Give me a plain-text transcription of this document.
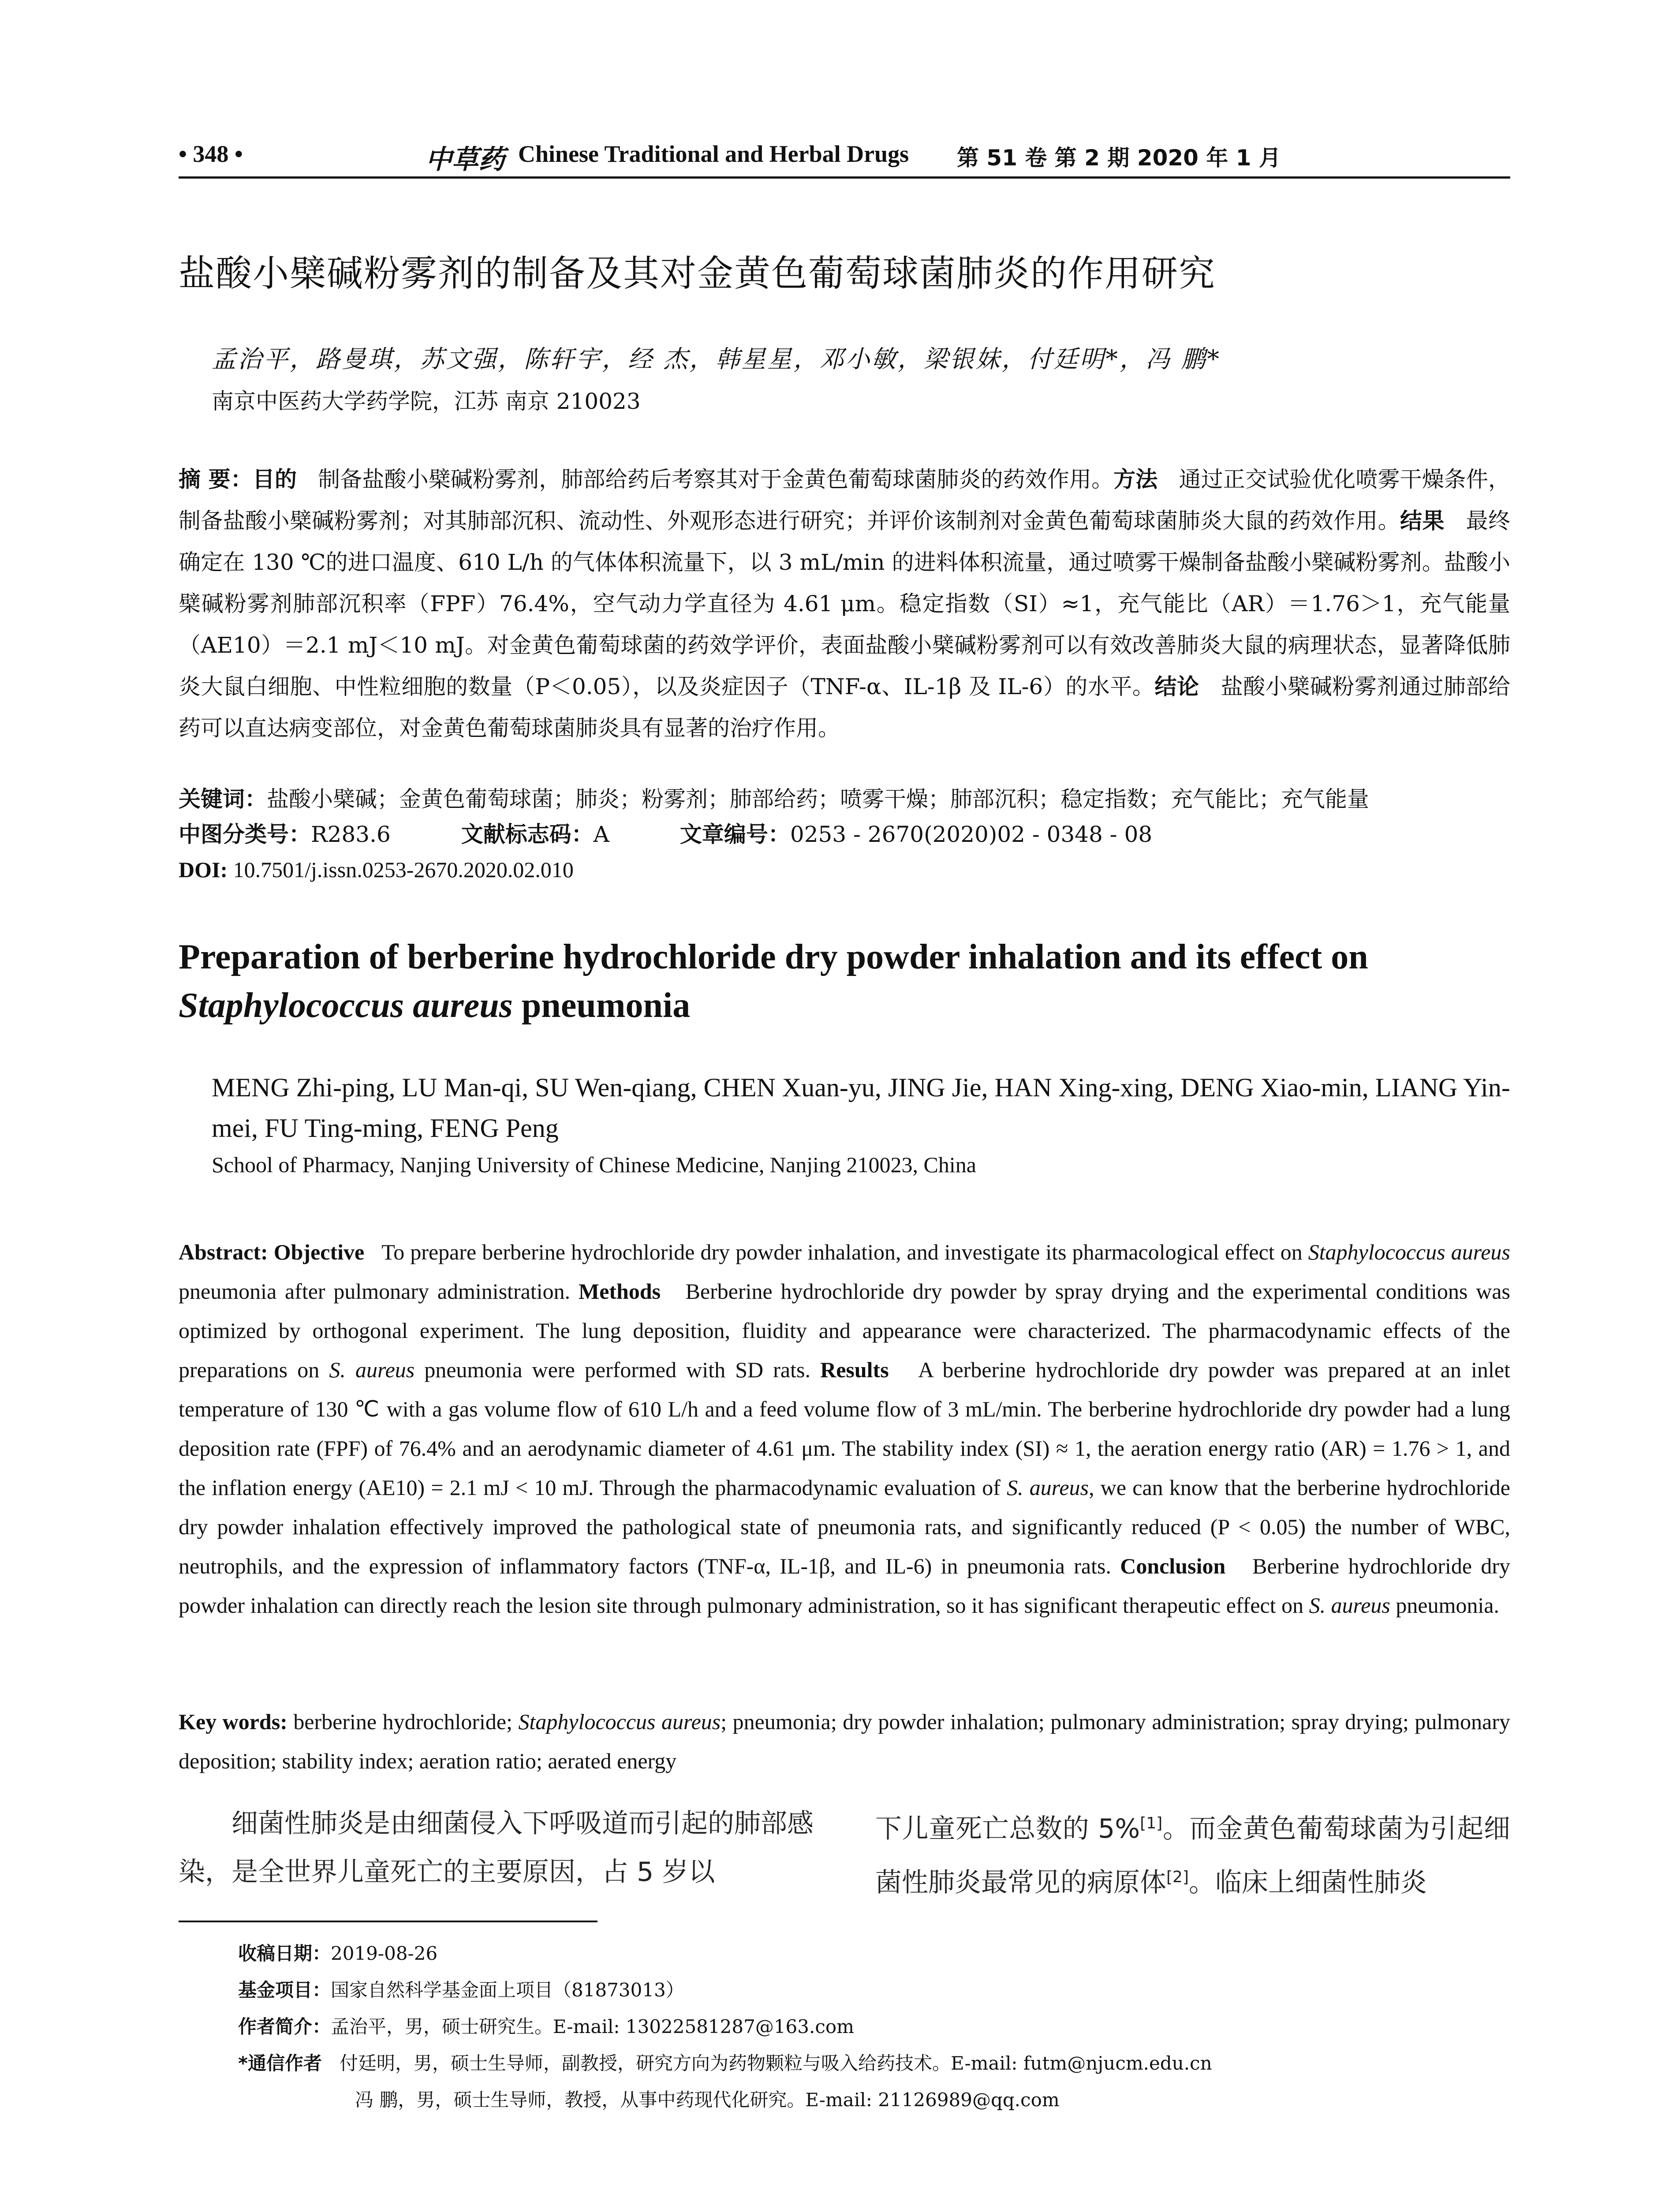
• 348 •	中草药 Chinese Traditional and Herbal Drugs 第 51 卷 第 2 期 2020 年 1 月
盐酸小檗碱粉雾剂的制备及其对金黄色葡萄球菌肺炎的作用研究
孟治平，路曼琪，苏文强，陈轩宇，经 杰，韩星星，邓小敏，梁银妹，付廷明*，冯 鹏*
南京中医药大学药学院，江苏 南京 210023
摘 要：目的 制备盐酸小檗碱粉雾剂，肺部给药后考察其对于金黄色葡萄球菌肺炎的药效作用。方法 通过正交试验优化喷雾干燥条件，制备盐酸小檗碱粉雾剂；对其肺部沉积、流动性、外观形态进行研究；并评价该制剂对金黄色葡萄球菌肺炎大鼠的药效作用。结果 最终确定在 130 ℃的进口温度、610 L/h 的气体体积流量下，以 3 mL/min 的进料体积流量，通过喷雾干燥制备盐酸小檗碱粉雾剂。盐酸小檗碱粉雾剂肺部沉积率（FPF）76.4%，空气动力学直径为 4.61 μm。稳定指数（SI）≈1，充气能比（AR）＝1.76＞1，充气能量（AE10）＝2.1 mJ＜10 mJ。对金黄色葡萄球菌的药效学评价，表面盐酸小檗碱粉雾剂可以有效改善肺炎大鼠的病理状态，显著降低肺炎大鼠白细胞、中性粒细胞的数量（P＜0.05），以及炎症因子（TNF-α、IL-1β 及 IL-6）的水平。结论 盐酸小檗碱粉雾剂通过肺部给药可以直达病变部位，对金黄色葡萄球菌肺炎具有显著的治疗作用。
关键词：盐酸小檗碱；金黄色葡萄球菌；肺炎；粉雾剂；肺部给药；喷雾干燥；肺部沉积；稳定指数；充气能比；充气能量
中图分类号：R283.6	文献标志码：A	文章编号：0253 - 2670(2020)02 - 0348 - 08
DOI: 10.7501/j.issn.0253-2670.2020.02.010
Preparation of berberine hydrochloride dry powder inhalation and its effect on
Staphylococcus aureus pneumonia
MENG Zhi-ping, LU Man-qi, SU Wen-qiang, CHEN Xuan-yu, JING Jie, HAN Xing-xing, DENG Xiao-min, LIANG Yin-mei, FU Ting-ming, FENG Peng
School of Pharmacy, Nanjing University of Chinese Medicine, Nanjing 210023, China
Abstract: Objective To prepare berberine hydrochloride dry powder inhalation, and investigate its pharmacological effect on Staphylococcus aureus pneumonia after pulmonary administration. Methods Berberine hydrochloride dry powder by spray drying and the experimental conditions was optimized by orthogonal experiment. The lung deposition, fluidity and appearance were characterized. The pharmacodynamic effects of the preparations on S. aureus pneumonia were performed with SD rats. Results A berberine hydrochloride dry powder was prepared at an inlet temperature of 130 ℃ with a gas volume flow of 610 L/h and a feed volume flow of 3 mL/min. The berberine hydrochloride dry powder had a lung deposition rate (FPF) of 76.4% and an aerodynamic diameter of 4.61 μm. The stability index (SI) ≈ 1, the aeration energy ratio (AR) = 1.76 > 1, and the inflation energy (AE10) = 2.1 mJ < 10 mJ. Through the pharmacodynamic evaluation of S. aureus, we can know that the berberine hydrochloride dry powder inhalation effectively improved the pathological state of pneumonia rats, and significantly reduced (P < 0.05) the number of WBC, neutrophils, and the expression of inflammatory factors (TNF-α, IL-1β, and IL-6) in pneumonia rats. Conclusion Berberine hydrochloride dry powder inhalation can directly reach the lesion site through pulmonary administration, so it has significant therapeutic effect on S. aureus pneumonia.
Key words: berberine hydrochloride; Staphylococcus aureus; pneumonia; dry powder inhalation; pulmonary administration; spray drying; pulmonary deposition; stability index; aeration ratio; aerated energy
细菌性肺炎是由细菌侵入下呼吸道而引起的肺部感染，是全世界儿童死亡的主要原因，占 5 岁以
下儿童死亡总数的 5%[1]。而金黄色葡萄球菌为引起细菌性肺炎最常见的病原体[2]。临床上细菌性肺炎
收稿日期：2019-08-26
基金项目：国家自然科学基金面上项目（81873013）
作者简介：孟治平，男，硕士研究生。E-mail: 13022581287@163.com
*通信作者 付廷明，男，硕士生导师，副教授，研究方向为药物颗粒与吸入给药技术。E-mail: futm@njucm.edu.cn
冯 鹏，男，硕士生导师，教授，从事中药现代化研究。E-mail: 21126989@qq.com
